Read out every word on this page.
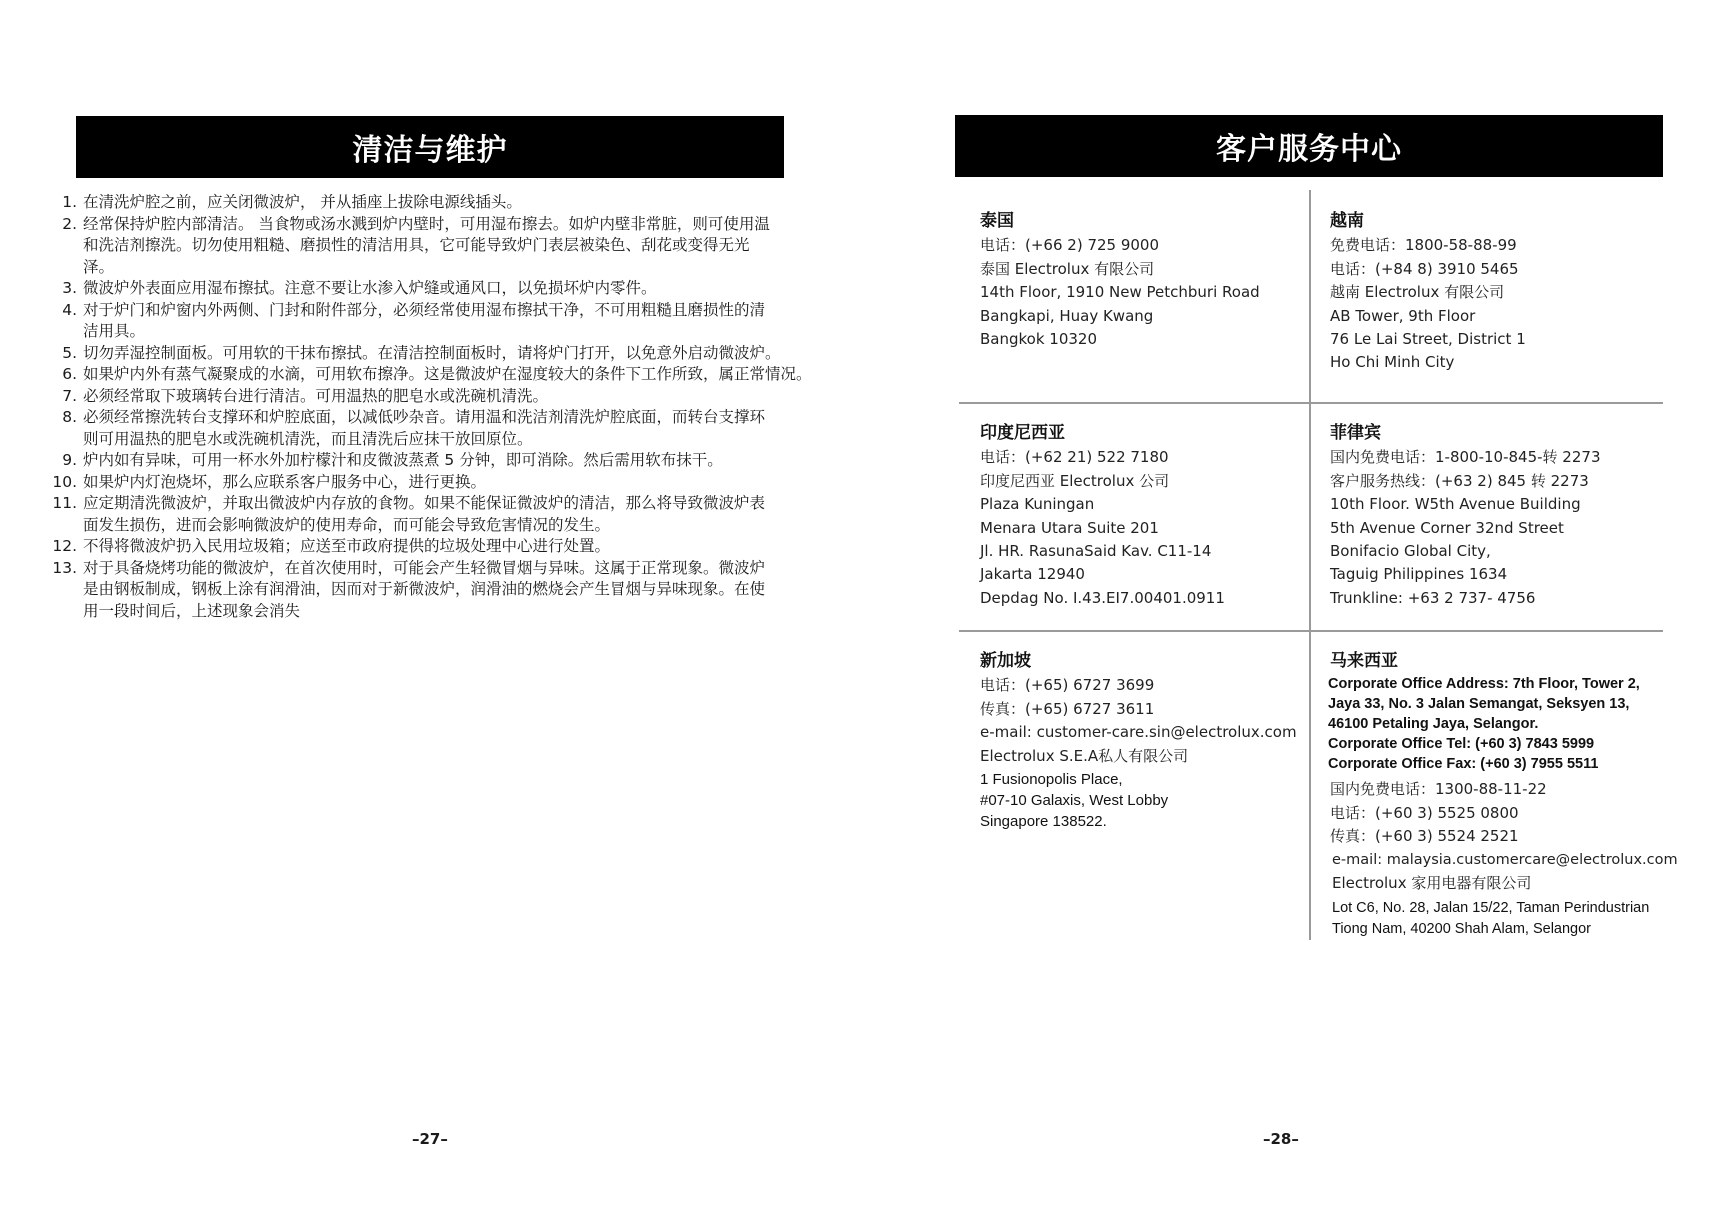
清洁与维护
1. 在清洗炉腔之前，应关闭微波炉， 并从插座上拔除电源线插头。
2. 经常保持炉腔内部清洁。 当食物或汤水溅到炉内壁时，可用湿布擦去。如炉内壁非常脏，则可使用温和洗洁剂擦洗。切勿使用粗糙、磨损性的清洁用具，它可能导致炉门表层被染色、刮花或变得无光泽。
3. 微波炉外表面应用湿布擦拭。注意不要让水渗入炉缝或通风口，以免损坏炉内零件。
4. 对于炉门和炉窗内外两侧、门封和附件部分，必须经常使用湿布擦拭干净，不可用粗糙且磨损性的清洁用具。
5. 切勿弄湿控制面板。可用软的干抹布擦拭。在清洁控制面板时，请将炉门打开，以免意外启动微波炉。
6. 如果炉内外有蒸气凝聚成的水滴，可用软布擦净。这是微波炉在湿度较大的条件下工作所致，属正常情况。
7. 必须经常取下玻璃转台进行清洁。可用温热的肥皂水或洗碗机清洗。
8. 必须经常擦洗转台支撑环和炉腔底面，以减低吵杂音。请用温和洗洁剂清洗炉腔底面，而转台支撑环则可用温热的肥皂水或洗碗机清洗，而且清洗后应抹干放回原位。
9. 炉内如有异味，可用一杯水外加柠檬汁和皮微波蒸煮 5 分钟，即可消除。然后需用软布抹干。
10. 如果炉内灯泡烧坏，那么应联系客户服务中心，进行更换。
11. 应定期清洗微波炉，并取出微波炉内存放的食物。如果不能保证微波炉的清洁，那么将导致微波炉表面发生损伤，进而会影响微波炉的使用寿命，而可能会导致危害情况的发生。
12. 不得将微波炉扔入民用垃圾箱；应送至市政府提供的垃圾处理中心进行处置。
13. 对于具备烧烤功能的微波炉，在首次使用时，可能会产生轻微冒烟与异味。这属于正常现象。微波炉是由钢板制成，钢板上涂有润滑油，因而对于新微波炉，润滑油的燃烧会产生冒烟与异味现象。在使用一段时间后，上述现象会消失
–27–
客户服务中心
泰国
电话：(+66 2) 725 9000
泰国 Electrolux 有限公司
14th Floor, 1910 New Petchburi Road
Bangkapi, Huay Kwang
Bangkok 10320
越南
免费电话：1800-58-88-99
电话：(+84 8) 3910 5465
越南 Electrolux 有限公司
AB Tower, 9th Floor
76 Le Lai Street, District 1
Ho Chi Minh City
印度尼西亚
电话：(+62 21) 522 7180
印度尼西亚 Electrolux 公司
Plaza Kuningan
Menara Utara Suite 201
Jl. HR. RasunaSaid Kav. C11-14
Jakarta 12940
Depdag No. I.43.EI7.00401.0911
菲律宾
国内免费电话：1-800-10-845-转 2273
客户服务热线：(+63 2) 845 转 2273
10th Floor. W5th Avenue Building
5th Avenue Corner 32nd Street
Bonifacio Global City,
Taguig Philippines 1634
Trunkline: +63 2 737- 4756
新加坡
电话：(+65) 6727 3699
传真：(+65) 6727 3611
e-mail: customer-care.sin@electrolux.com
Electrolux S.E.A私人有限公司
1 Fusionopolis Place,
#07-10 Galaxis, West Lobby
Singapore 138522.
马来西亚
Corporate Office Address: 7th Floor, Tower 2,
Jaya 33, No. 3 Jalan Semangat, Seksyen 13,
46100 Petaling Jaya, Selangor.
Corporate Office Tel: (+60 3) 7843 5999
Corporate Office Fax: (+60 3) 7955 5511
国内免费电话：1300-88-11-22
电话：(+60 3) 5525 0800
传真：(+60 3) 5524 2521
e-mail: malaysia.customercare@electrolux.com
Electrolux 家用电器有限公司
Lot C6, No. 28, Jalan 15/22, Taman Perindustrian
Tiong Nam, 40200 Shah Alam, Selangor
–28–
